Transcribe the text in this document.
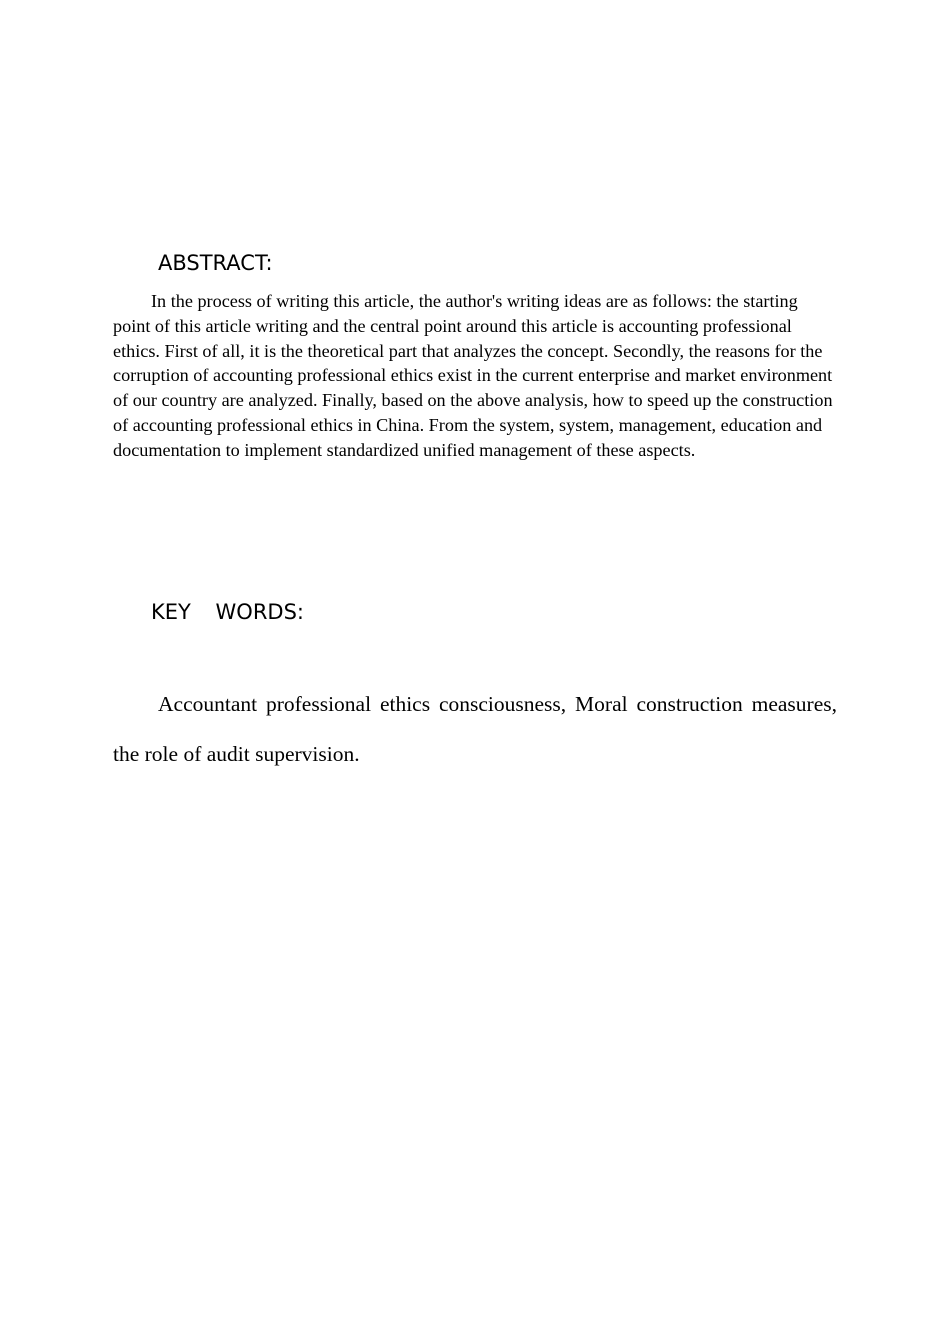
ABSTRACT:

In the process of writing this article, the author's writing ideas are as follows: the starting point of this article writing and the central point around this article is accounting professional ethics. First of all, it is the theoretical part that analyzes the concept. Secondly, the reasons for the corruption of accounting professional ethics exist in the current enterprise and market environment of our country are analyzed. Finally, based on the above analysis, how to speed up the construction of accounting professional ethics in China. From the system, system, management, education and documentation to implement standardized unified management of these aspects.

KEY WORDS:

Accountant professional ethics consciousness, Moral construction measures, the role of audit supervision.
